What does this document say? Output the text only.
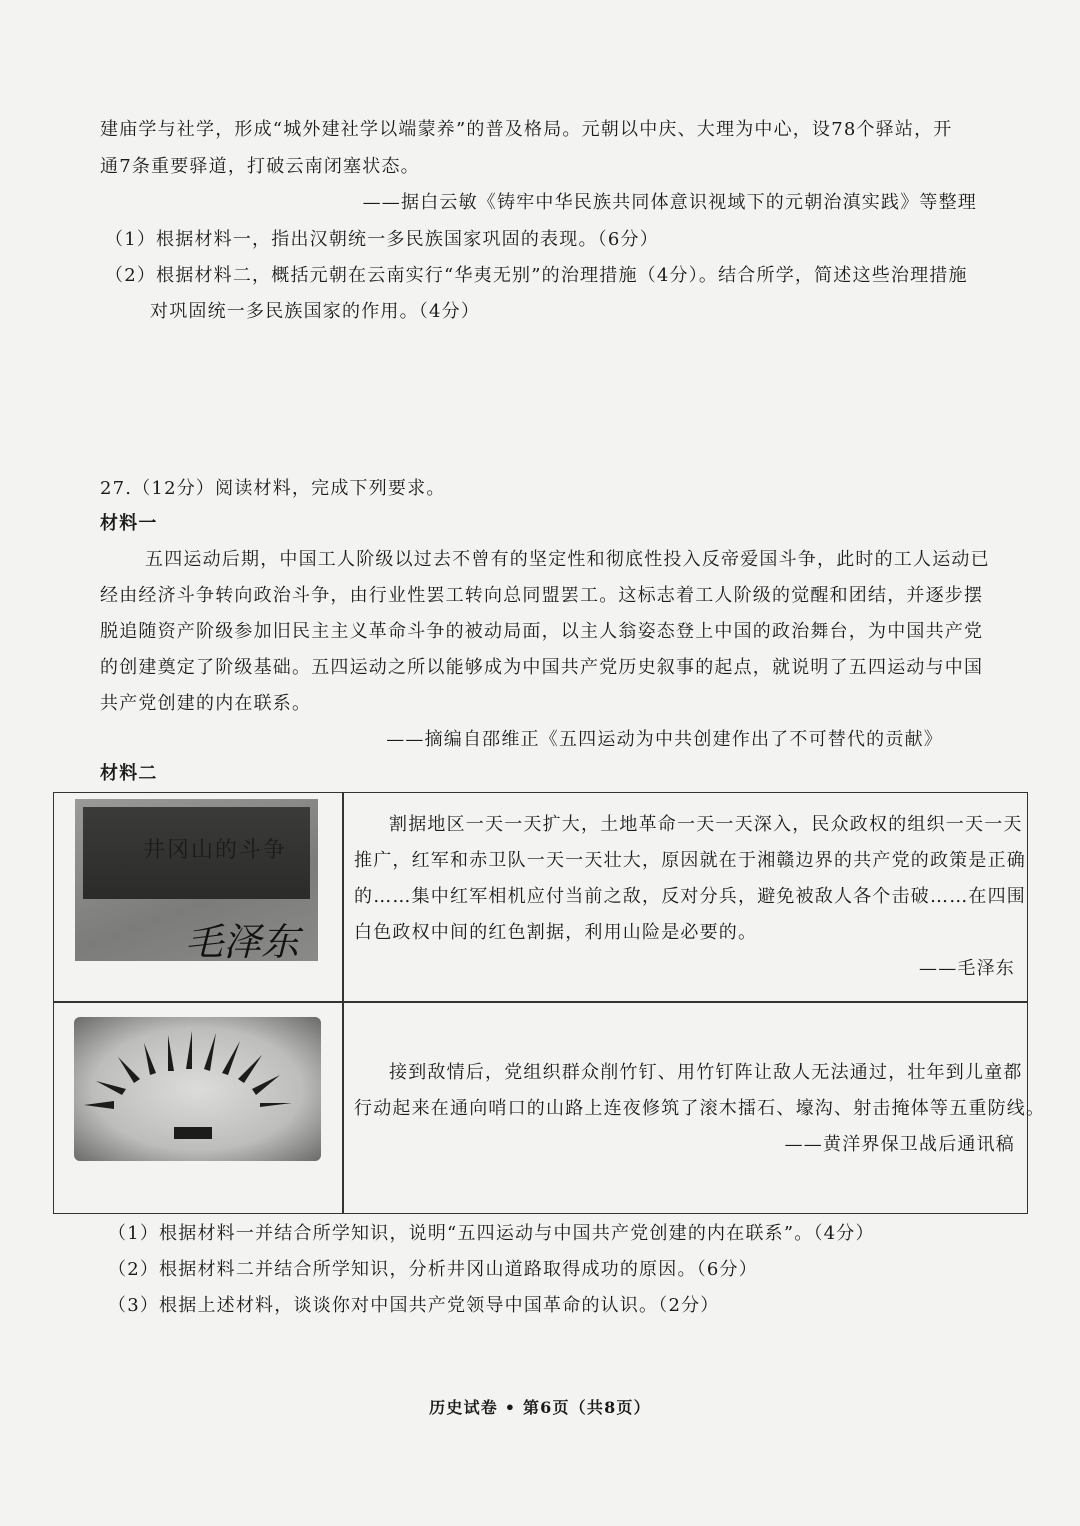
建庙学与社学，形成“城外建社学以端蒙养”的普及格局。元朝以中庆、大理为中心，设78个驿站，开
通7条重要驿道，打破云南闭塞状态。
——据白云敏《铸牢中华民族共同体意识视域下的元朝治滇实践》等整理
（1）根据材料一，指出汉朝统一多民族国家巩固的表现。（6分）
（2）根据材料二，概括元朝在云南实行“华夷无别”的治理措施（4分）。结合所学，简述这些治理措施
对巩固统一多民族国家的作用。（4分）
27.（12分）阅读材料，完成下列要求。
材料一
五四运动后期，中国工人阶级以过去不曾有的坚定性和彻底性投入反帝爱国斗争，此时的工人运动已
经由经济斗争转向政治斗争，由行业性罢工转向总同盟罢工。这标志着工人阶级的觉醒和团结，并逐步摆
脱追随资产阶级参加旧民主主义革命斗争的被动局面，以主人翁姿态登上中国的政治舞台，为中国共产党
的创建奠定了阶级基础。五四运动之所以能够成为中国共产党历史叙事的起点，就说明了五四运动与中国
共产党创建的内在联系。
——摘编自邵维正《五四运动为中共创建作出了不可替代的贡献》
材料二
井冈山的斗争
毛泽东
割据地区一天一天扩大，土地革命一天一天深入，民众政权的组织一天一天
推广，红军和赤卫队一天一天壮大，原因就在于湘赣边界的共产党的政策是正确
的……集中红军相机应付当前之敌，反对分兵，避免被敌人各个击破……在四围
白色政权中间的红色割据，利用山险是必要的。
——毛泽东
接到敌情后，党组织群众削竹钉、用竹钉阵让敌人无法通过，壮年到儿童都
行动起来在通向哨口的山路上连夜修筑了滚木擂石、壕沟、射击掩体等五重防线。
——黄洋界保卫战后通讯稿
（1）根据材料一并结合所学知识，说明“五四运动与中国共产党创建的内在联系”。（4分）
（2）根据材料二并结合所学知识，分析井冈山道路取得成功的原因。（6分）
（3）根据上述材料，谈谈你对中国共产党领导中国革命的认识。（2分）
历史试卷 • 第6页（共8页）
